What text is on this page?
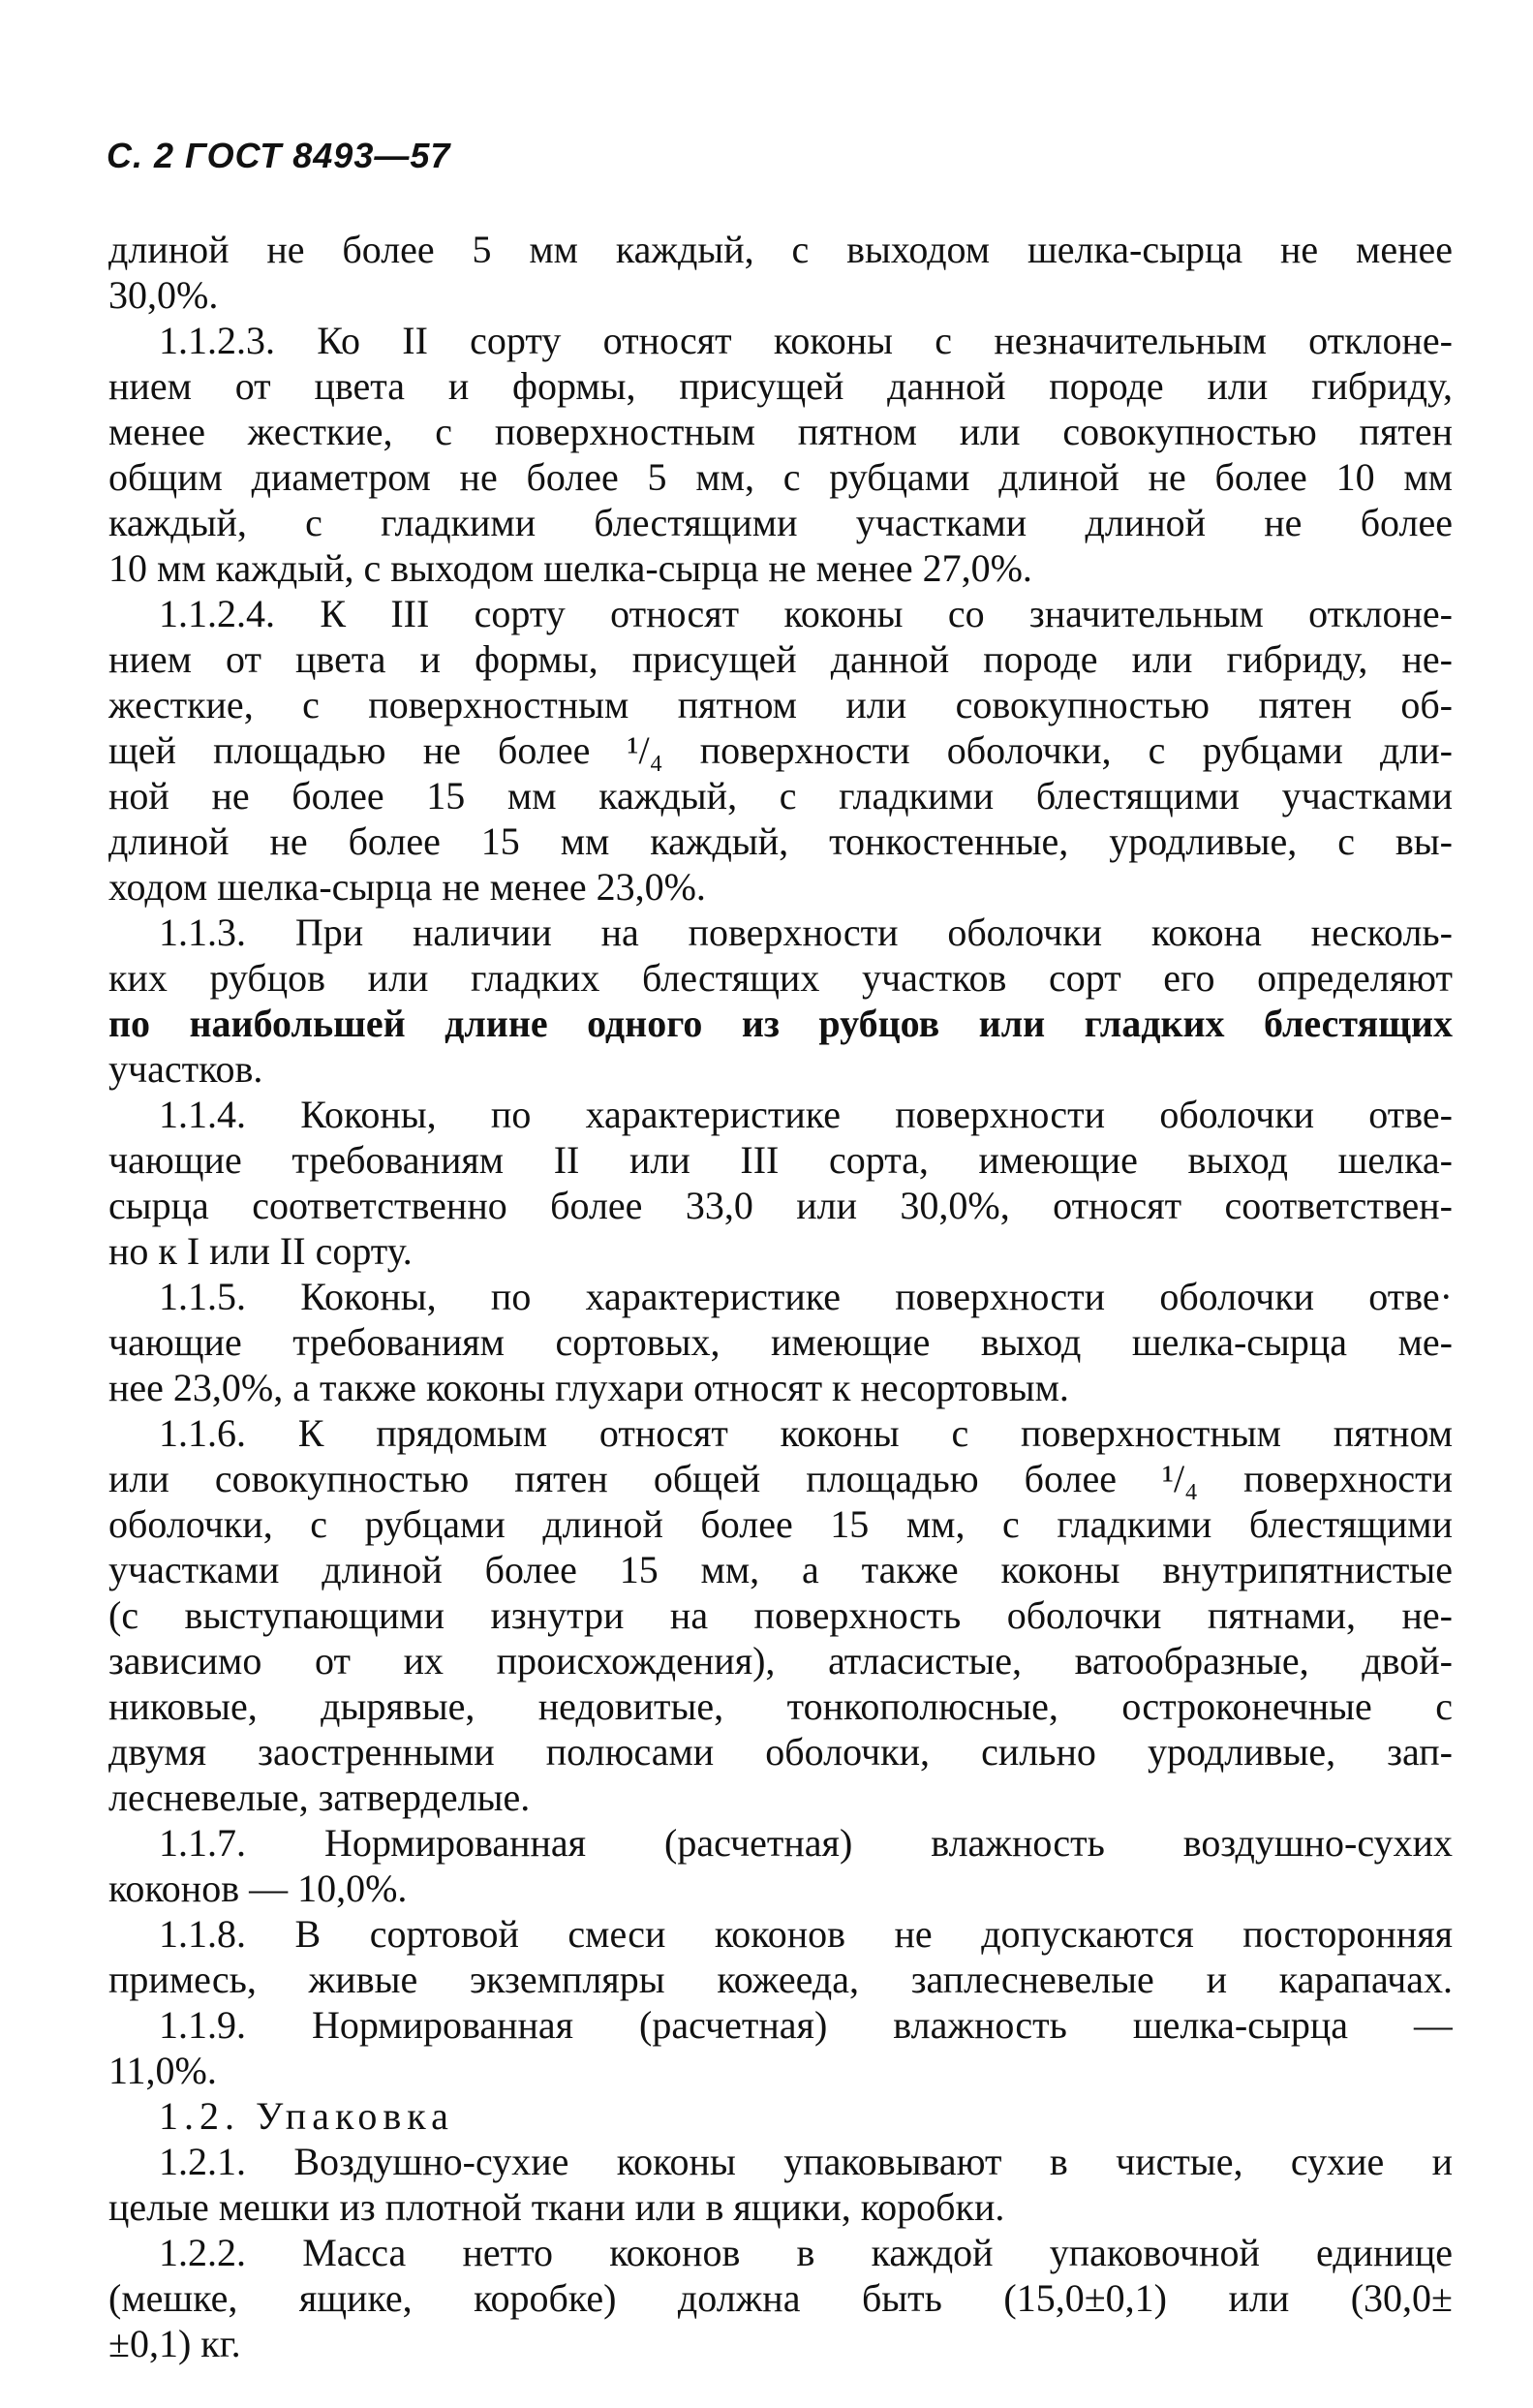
С. 2 ГОСТ 8493—57
длиной не более 5 мм каждый, с выходом шелка-сырца не менее
30,0%.
1.1.2.3. Ко II сорту относят коконы с незначительным отклоне-
нием от цвета и формы, присущей данной породе или гибриду,
менее жесткие, с поверхностным пятном или совокупностью пятен
общим диаметром не более 5 мм, с рубцами длиной не более 10 мм
каждый, с гладкими блестящими участками длиной не более
10 мм каждый, с выходом шелка-сырца не менее 27,0%.
1.1.2.4. К III сорту относят коконы со значительным отклоне-
нием от цвета и формы, присущей данной породе или гибриду, не-
жесткие, с поверхностным пятном или совокупностью пятен об-
щей площадью не более ¹/₄ поверхности оболочки, с рубцами дли-
ной не более 15 мм каждый, с гладкими блестящими участками
длиной не более 15 мм каждый, тонкостенные, уродливые, с вы-
ходом шелка-сырца не менее 23,0%.
1.1.3. При наличии на поверхности оболочки кокона несколь-
ких рубцов или гладких блестящих участков сорт его определяют
по наибольшей длине одного из рубцов или гладких блестящих
участков.
1.1.4. Коконы, по характеристике поверхности оболочки отве-
чающие требованиям II или III сорта, имеющие выход шелка-
сырца соответственно более 33,0 или 30,0%, относят соответствен-
но к I или II сорту.
1.1.5. Коконы, по характеристике поверхности оболочки отве·
чающие требованиям сортовых, имеющие выход шелка-сырца ме-
нее 23,0%, а также коконы глухари относят к несортовым.
1.1.6. К прядомым относят коконы с поверхностным пятном
или совокупностью пятен общей площадью более ¹/₄ поверхноcти
оболочки, с рубцами длиной более 15 мм, с гладкими блестящими
участками длиной более 15 мм, а также коконы внутрипятнистые
(с выступающими изнутри на поверхность оболочки пятнами, не-
зависимо от их происхождения), атласистые, ватообразные, двой-
никовые, дырявые, недовитые, тонкополюсные, остроконечные с
двумя заостренными полюсами оболочки, сильно уродливые, зап-
лесневелые, затверделые.
1.1.7. Нормированная (расчетная) влажность воздушно-сухих
коконов — 10,0%.
1.1.8. В сортовой смеси коконов не допускаются посторонняя
примесь, живые экземпляры кожееда, заплесневелые и карапачах.
1.1.9. Нормированная (расчетная) влажность шелка-сырца —
11,0%.
1.2. Упаковка
1.2.1. Воздушно-сухие коконы упаковывают в чистые, сухие и
целые мешки из плотной ткани или в ящики, коробки.
1.2.2. Масса нетто коконов в каждой упаковочной единице
(мешке, ящике, коробке) должна быть (15,0±0,1) или (30,0±
±0,1) кг.
